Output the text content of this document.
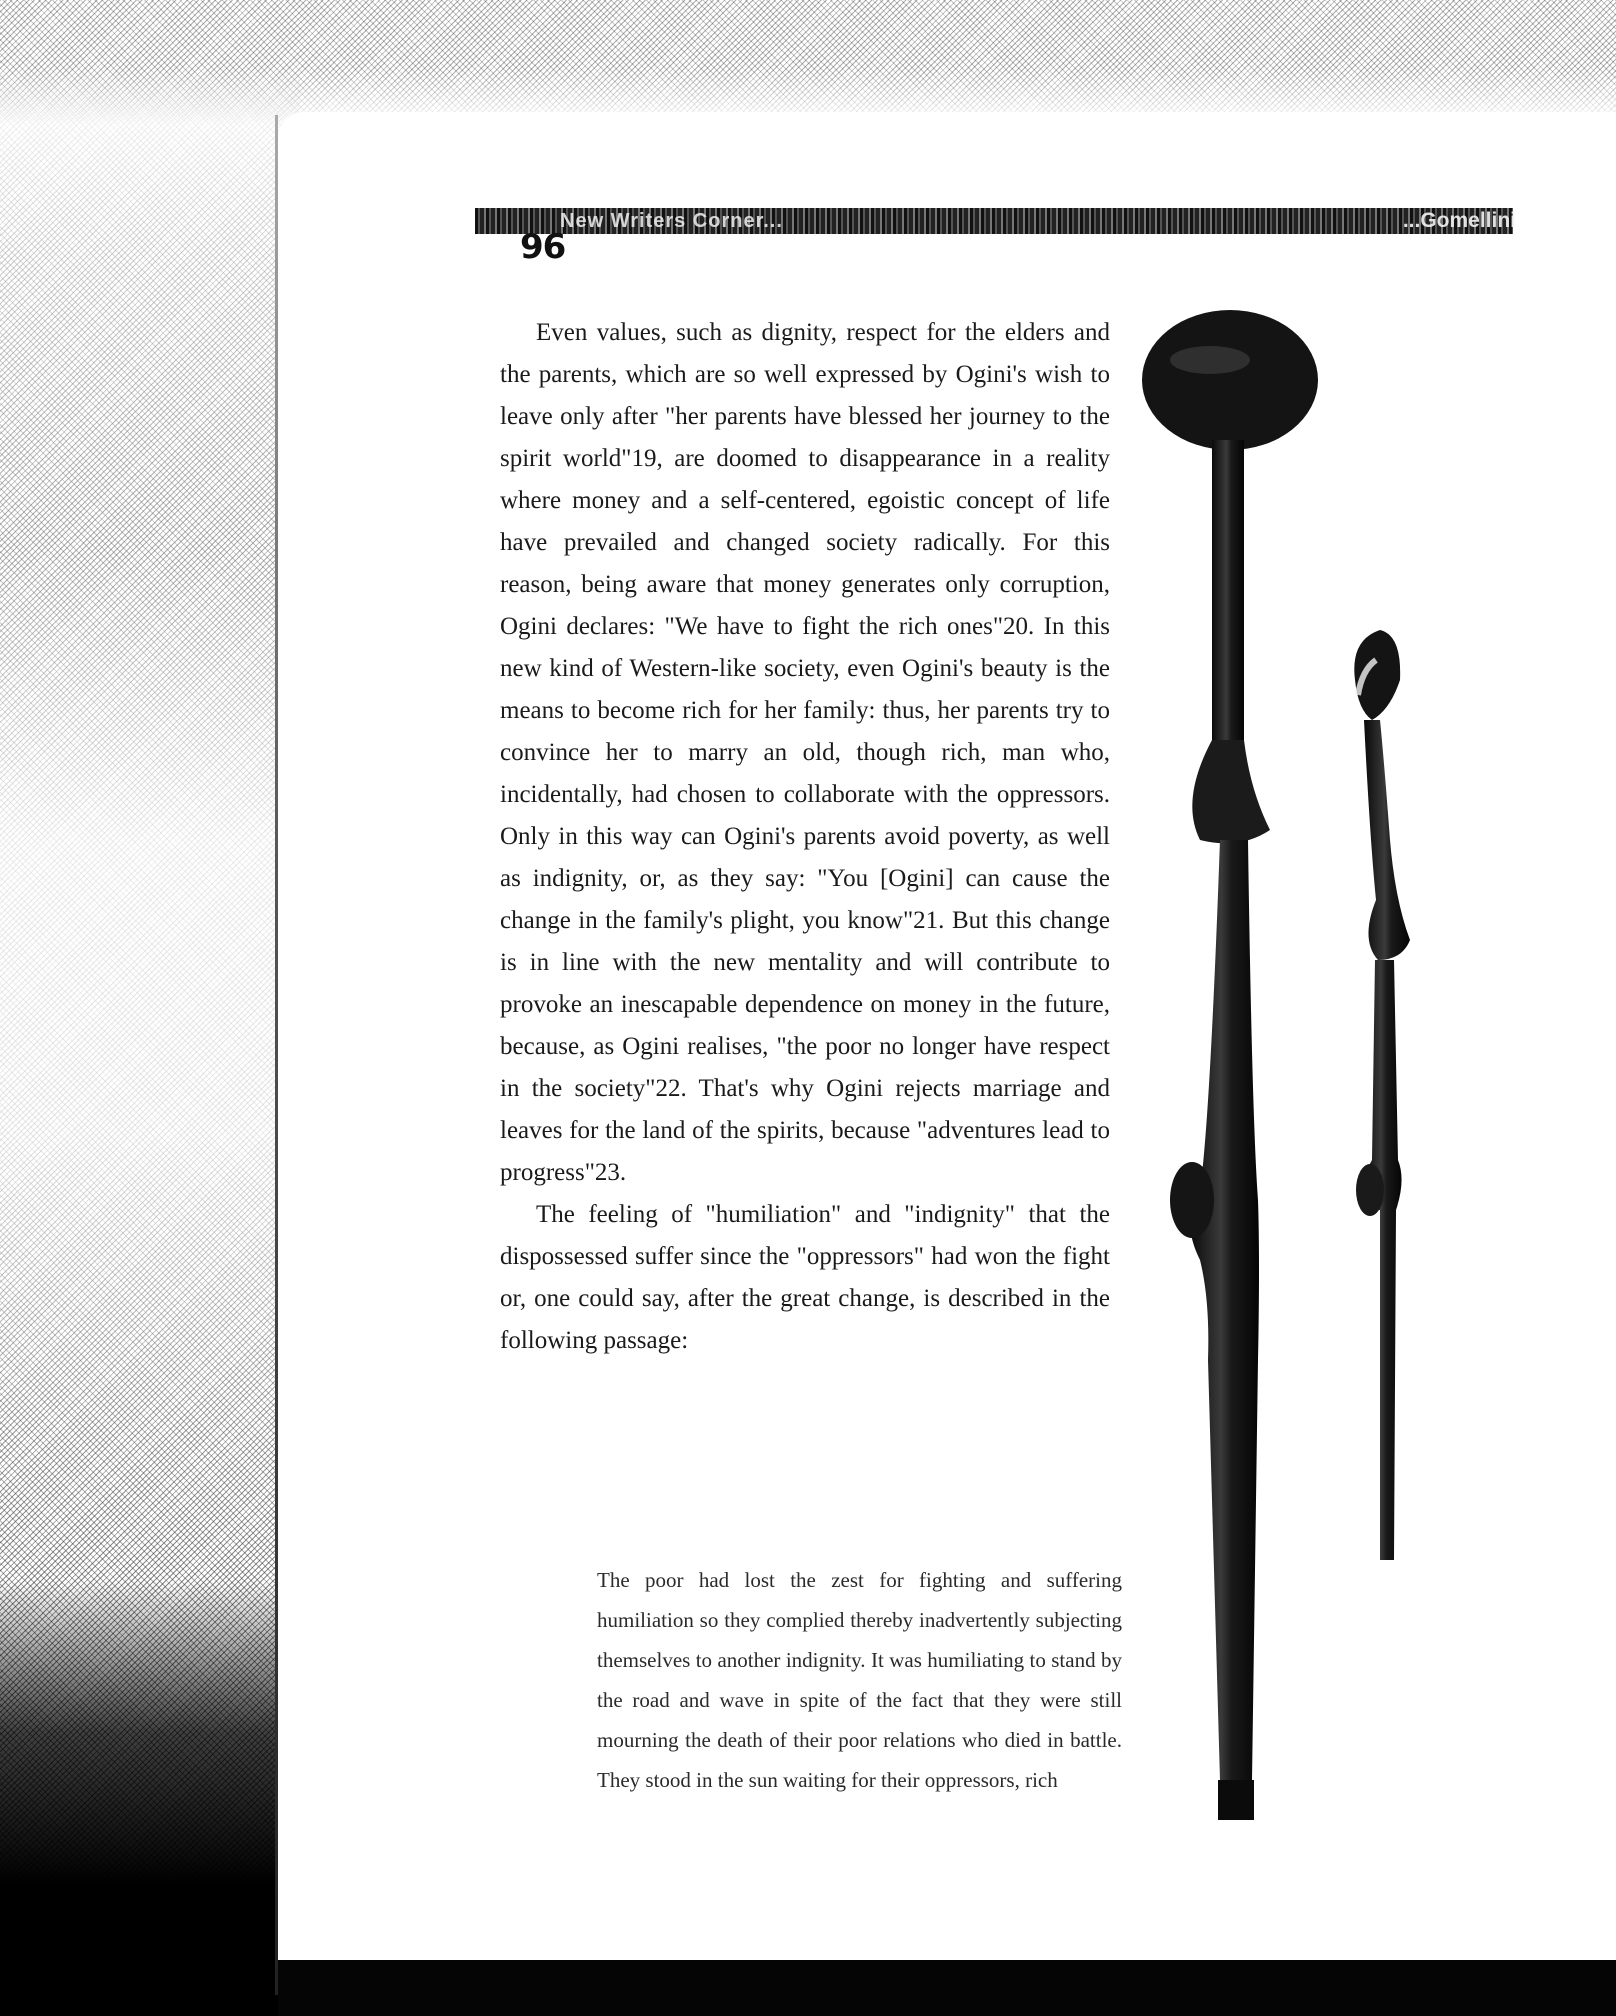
New Writers Corner...	...Gomellini
96

Even values, such as dignity, respect for the elders and the parents, which are so well expressed by Ogini's wish to leave only after "her parents have blessed her journey to the spirit world"19, are doomed to disappearance in a reality where money and a self-centered, egoistic concept of life have prevailed and changed society radically. For this reason, being aware that money generates only corruption, Ogini declares: "We have to fight the rich ones"20. In this new kind of Western-like society, even Ogini's beauty is the means to become rich for her family: thus, her parents try to convince her to marry an old, though rich, man who, incidentally, had chosen to collaborate with the oppressors. Only in this way can Ogini's parents avoid poverty, as well as indignity, or, as they say: "You [Ogini] can cause the change in the family's plight, you know"21. But this change is in line with the new mentality and will contribute to provoke an inescapable dependence on money in the future, because, as Ogini realises, "the poor no longer have respect in the society"22. That's why Ogini rejects marriage and leaves for the land of the spirits, because "adventures lead to progress"23.

The feeling of "humiliation" and "indignity" that the dispossessed suffer since the "oppressors" had won the fight or, one could say, after the great change, is described in the following passage:

The poor had lost the zest for fighting and suffering humiliation so they complied thereby inadvertently subjecting themselves to another indignity. It was humiliating to stand by the road and wave in spite of the fact that they were still mourning the death of their poor relations who died in battle. They stood in the sun waiting for their oppressors, rich
